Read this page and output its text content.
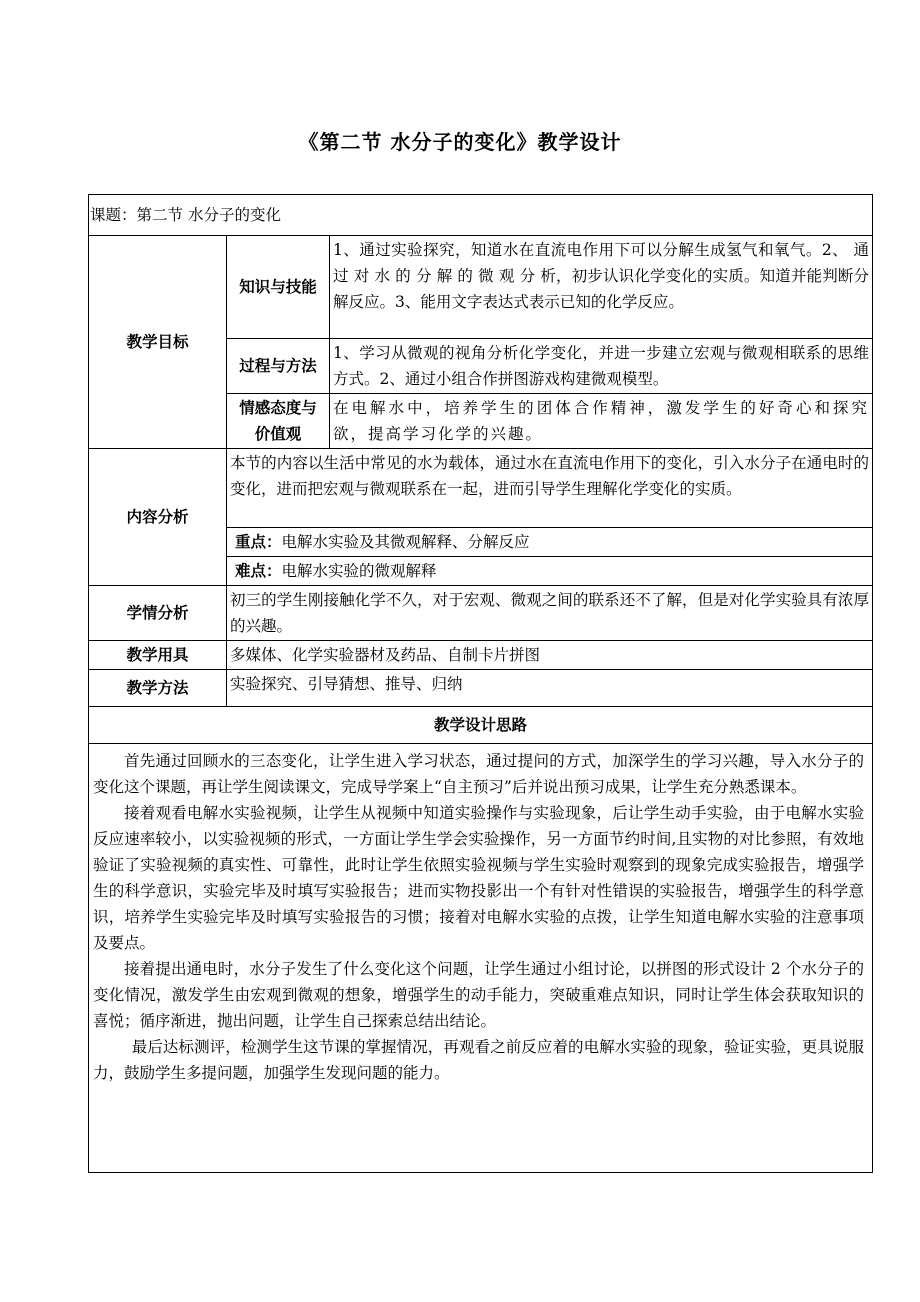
《第二节 水分子的变化》教学设计
课题：第二节 水分子的变化		
教学目标	知识与技能	1、通过实验探究，知道水在直流电作用下可以分解生成氢气和氧气。2、 通 过 对 水 的 分 解 的 微 观 分 析，初步认识化学变化的实质。知道并能判断分解反应。3、能用文字表达式表示已知的化学反应。
	过程与方法	1、学习从微观的视角分析化学变化，并进一步建立宏观与微观相联系的思维方式。2、通过小组合作拼图游戏构建微观模型。
	情感态度与价值观	在电解水中，培养学生的团体合作精神，激发学生的好奇心和探究欲，提高学习化学的兴趣。
内容分析	本节的内容以生活中常见的水为载体，通过水在直流电作用下的变化，引入水分子在通电时的变化，进而把宏观与微观联系在一起，进而引导学生理解化学变化的实质。	
	重点：电解水实验及其微观解释、分解反应	
	难点：电解水实验的微观解释	
学情分析	初三的学生刚接触化学不久，对于宏观、微观之间的联系还不了解，但是对化学实验具有浓厚的兴趣。	
教学用具	多媒体、化学实验器材及药品、自制卡片拼图	
教学方法	实验探究、引导猜想、推导、归纳	
教学设计思路		

首先通过回顾水的三态变化，让学生进入学习状态，通过提问的方式，加深学生的学习兴趣，导入水分子的变化这个课题，再让学生阅读课文，完成导学案上“自主预习”后并说出预习成果，让学生充分熟悉课本。

接着观看电解水实验视频，让学生从视频中知道实验操作与实验现象，后让学生动手实验，由于电解水实验反应速率较小，以实验视频的形式，一方面让学生学会实验操作，另一方面节约时间,且实物的对比参照，有效地验证了实验视频的真实性、可靠性，此时让学生依照实验视频与学生实验时观察到的现象完成实验报告，增强学生的科学意识，实验完毕及时填写实验报告；进而实物投影出一个有针对性错误的实验报告，增强学生的科学意识，培养学生实验完毕及时填写实验报告的习惯；接着对电解水实验的点拨，让学生知道电解水实验的注意事项及要点。

接着提出通电时，水分子发生了什么变化这个问题，让学生通过小组讨论，以拼图的形式设计 2 个水分子的变化情况，激发学生由宏观到微观的想象，增强学生的动手能力，突破重难点知识，同时让学生体会获取知识的喜悦；循序渐进，抛出问题，让学生自己探索总结出结论。

最后达标测评，检测学生这节课的掌握情况，再观看之前反应着的电解水实验的现象，验证实验，更具说服力，鼓励学生多提问题，加强学生发现问题的能力。		
